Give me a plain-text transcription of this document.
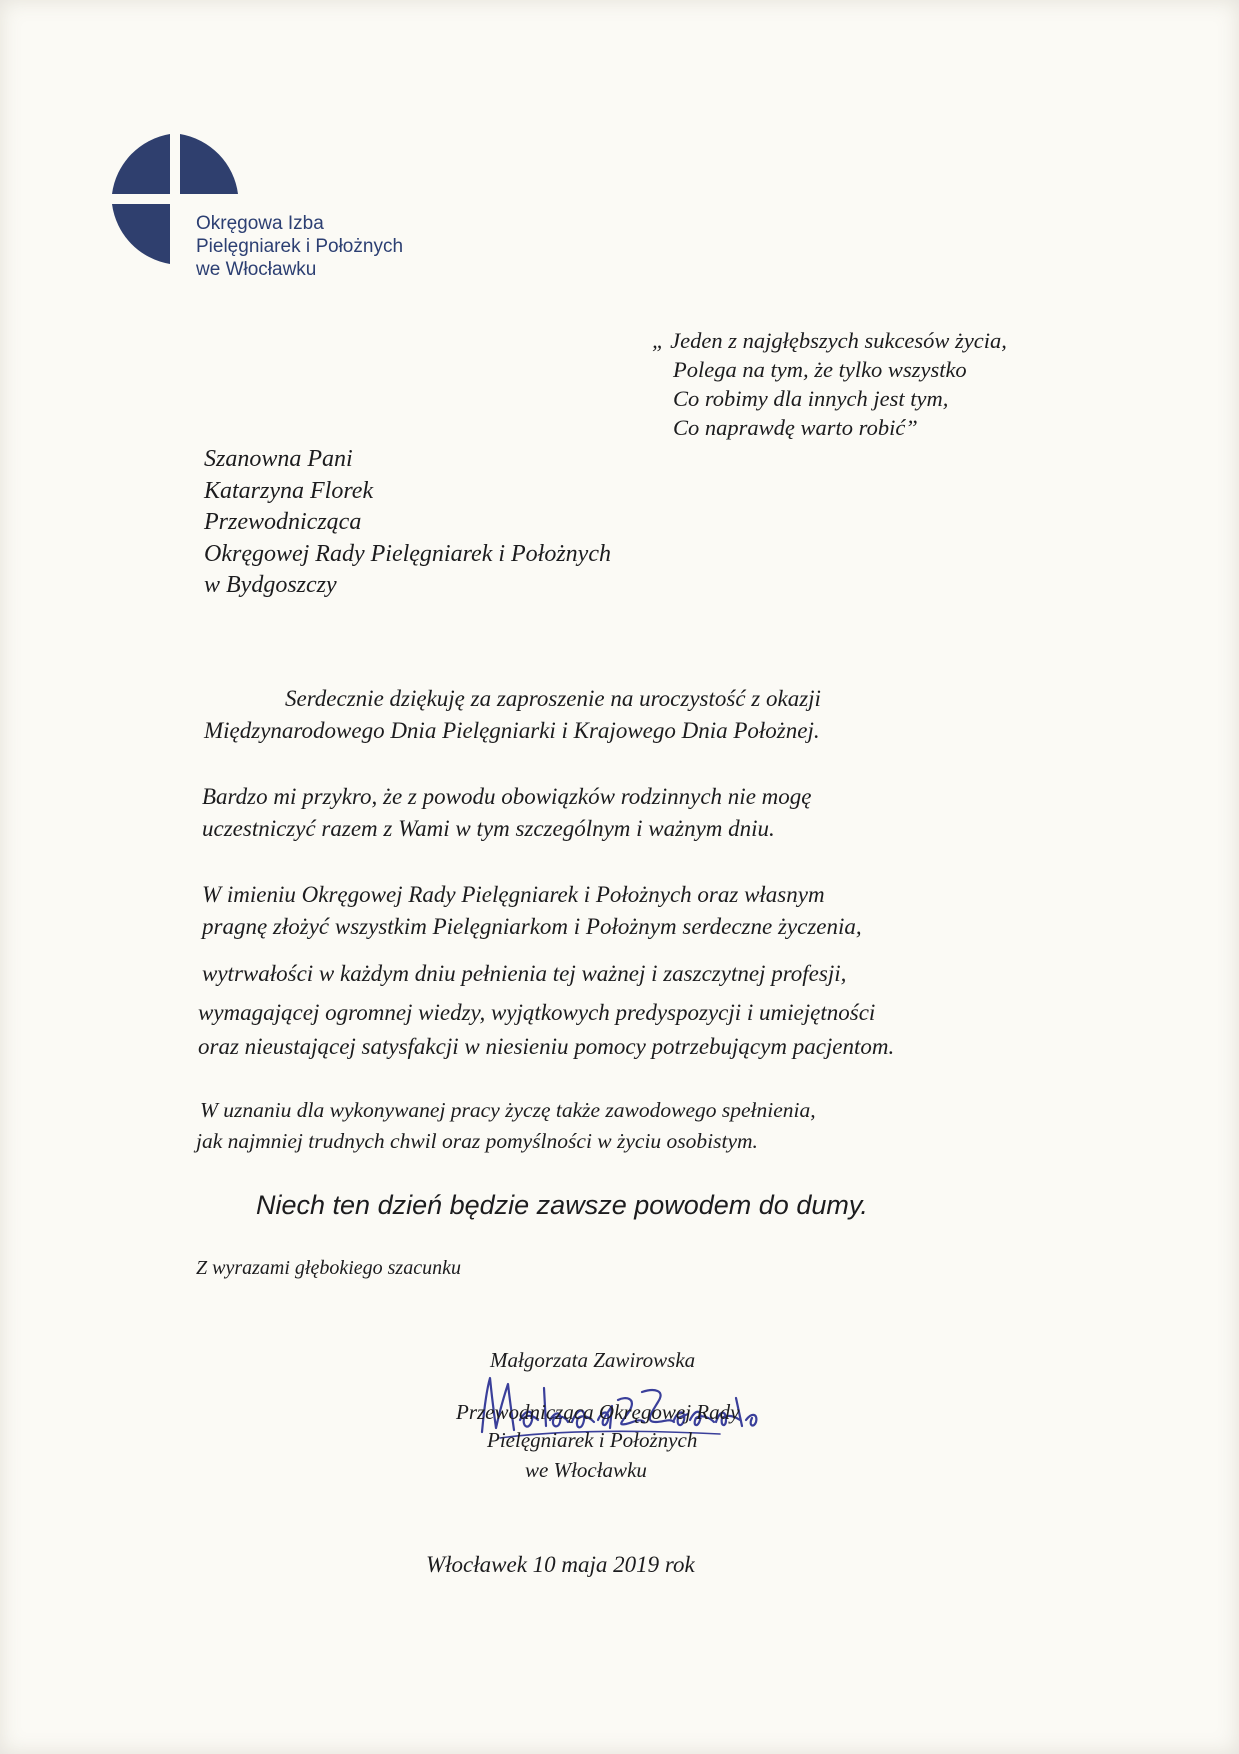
Okręgowa Izba
Pielęgniarek i Położnych
we Włocławku
„ Jeden z najgłębszych sukcesów życia,
Polega na tym, że tylko wszystko
Co robimy dla innych jest tym,
Co naprawdę warto robić”
Szanowna Pani
Katarzyna Florek
Przewodnicząca
Okręgowej Rady Pielęgniarek i Położnych
w Bydgoszczy
Serdecznie dziękuję za zaproszenie na uroczystość z okazji
Międzynarodowego Dnia Pielęgniarki i Krajowego Dnia Położnej.
Bardzo mi przykro, że z powodu obowiązków rodzinnych nie mogę
uczestniczyć razem z Wami w tym szczególnym i ważnym dniu.
W imieniu Okręgowej Rady Pielęgniarek i Położnych oraz własnym
pragnę złożyć wszystkim Pielęgniarkom i Położnym serdeczne życzenia,
wytrwałości w każdym dniu pełnienia tej ważnej i zaszczytnej profesji,
wymagającej ogromnej wiedzy, wyjątkowych predyspozycji i umiejętności
oraz nieustającej satysfakcji w niesieniu pomocy potrzebującym pacjentom.
W uznaniu dla wykonywanej pracy życzę także zawodowego spełnienia,
jak najmniej trudnych chwil oraz pomyślności w życiu osobistym.
Niech ten dzień będzie zawsze powodem do dumy.
Z wyrazami głębokiego szacunku
Małgorzata Zawirowska
Przewodnicząca Okręgowej Rady
Pielęgniarek i Położnych
we Włocławku
Włocławek 10 maja 2019 rok
